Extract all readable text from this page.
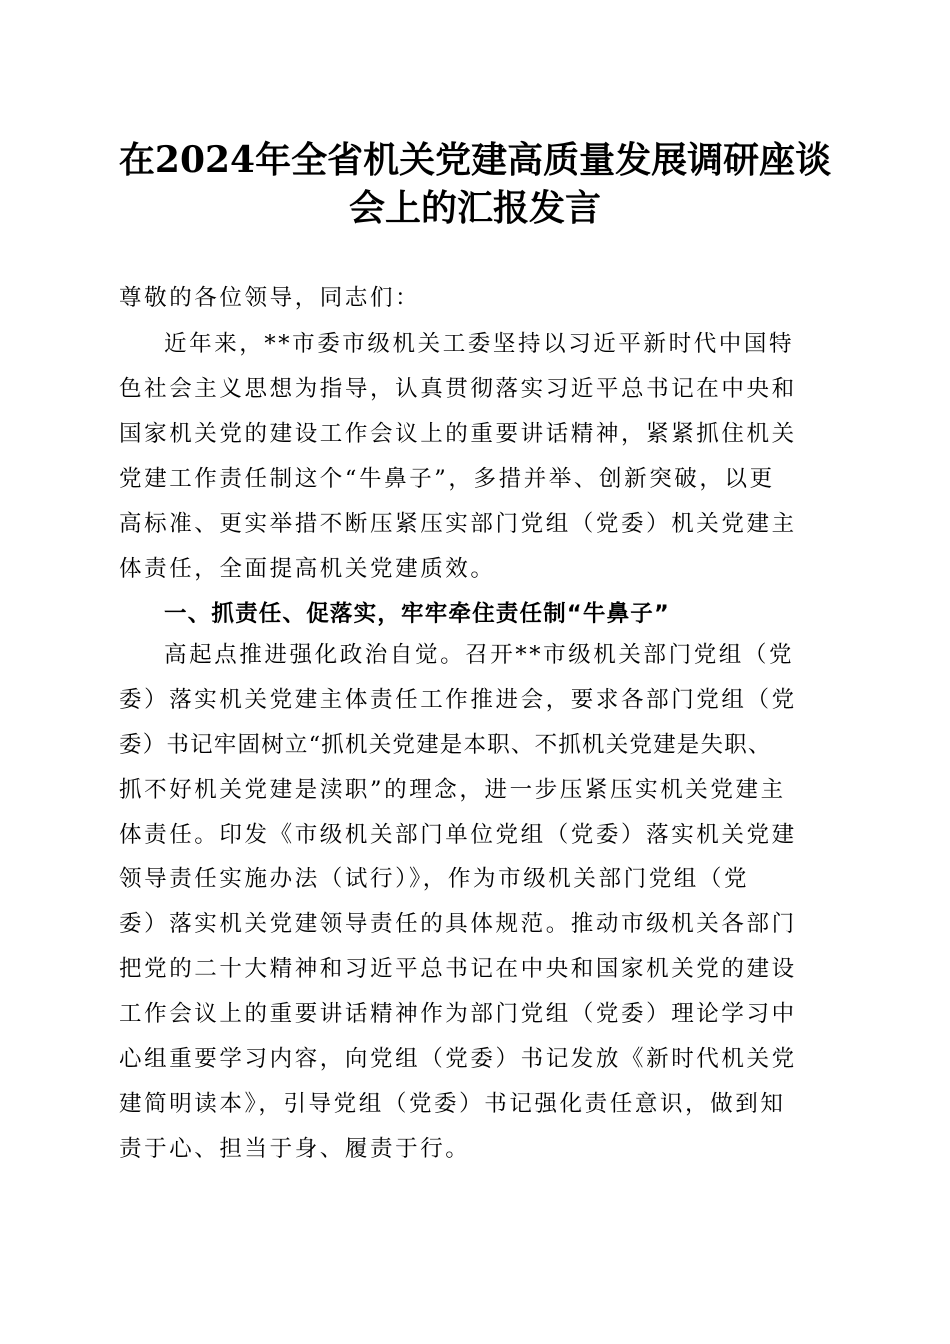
在2024年全省机关党建高质量发展调研座谈
会上的汇报发言
尊敬的各位领导，同志们：
近年来，**市委市级机关工委坚持以习近平新时代中国特
色社会主义思想为指导，认真贯彻落实习近平总书记在中央和
国家机关党的建设工作会议上的重要讲话精神，紧紧抓住机关
党建工作责任制这个“牛鼻子”，多措并举、创新突破，以更
高标准、更实举措不断压紧压实部门党组（党委）机关党建主
体责任，全面提高机关党建质效。
一、抓责任、促落实，牢牢牵住责任制“牛鼻子”
高起点推进强化政治自觉。召开**市级机关部门党组（党
委）落实机关党建主体责任工作推进会，要求各部门党组（党
委）书记牢固树立“抓机关党建是本职、不抓机关党建是失职、
抓不好机关党建是渎职”的理念，进一步压紧压实机关党建主
体责任。印发《市级机关部门单位党组（党委）落实机关党建
领导责任实施办法（试行）》，作为市级机关部门党组（党
委）落实机关党建领导责任的具体规范。推动市级机关各部门
把党的二十大精神和习近平总书记在中央和国家机关党的建设
工作会议上的重要讲话精神作为部门党组（党委）理论学习中
心组重要学习内容，向党组（党委）书记发放《新时代机关党
建简明读本》，引导党组（党委）书记强化责任意识，做到知
责于心、担当于身、履责于行。
